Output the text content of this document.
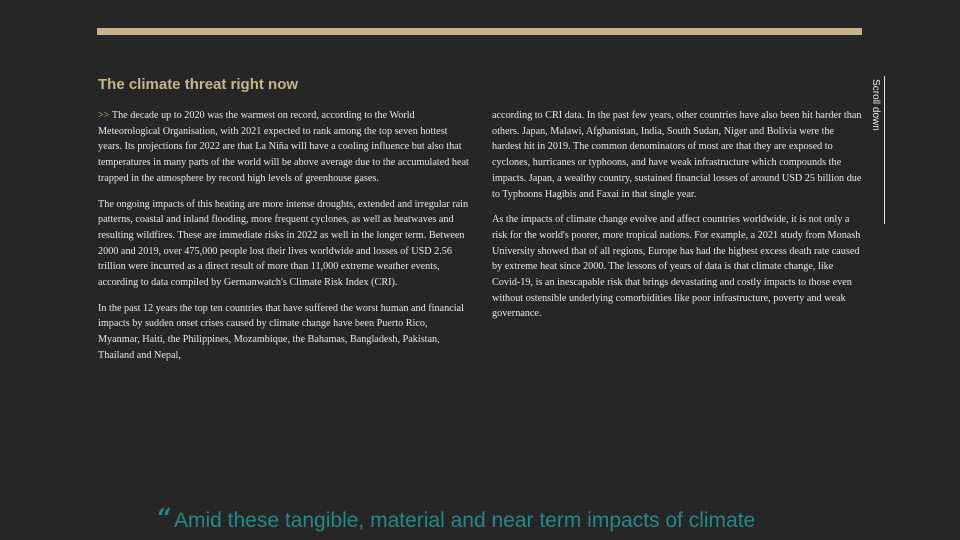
The climate threat right now

>> The decade up to 2020 was the warmest on record, according to the World Meteorological Organisation, with 2021 expected to rank among the top seven hottest years. Its projections for 2022 are that La Niña will have a cooling influence but also that temperatures in many parts of the world will be above average due to the accumulated heat trapped in the atmosphere by record high levels of greenhouse gases.

The ongoing impacts of this heating are more intense droughts, extended and irregular rain patterns, coastal and inland flooding, more frequent cyclones, as well as heatwaves and resulting wildfires. These are immediate risks in 2022 as well in the longer term. Between 2000 and 2019, over 475,000 people lost their lives worldwide and losses of USD 2.56 trillion were incurred as a direct result of more than 11,000 extreme weather events, according to data compiled by Germanwatch's Climate Risk Index (CRI).

In the past 12 years the top ten countries that have suffered the worst human and financial impacts by sudden onset crises caused by climate change have been Puerto Rico, Myanmar, Haiti, the Philippines, Mozambique, the Bahamas, Bangladesh, Pakistan, Thailand and Nepal,

according to CRI data. In the past few years, other countries have also been hit harder than others. Japan, Malawi, Afghanistan, India, South Sudan, Niger and Bolivia were the hardest hit in 2019. The common denominators of most are that they are exposed to cyclones, hurricanes or typhoons, and have weak infrastructure which compounds the impacts. Japan, a wealthy country, sustained financial losses of around USD 25 billion due to Typhoons Hagibis and Faxai in that single year.

As the impacts of climate change evolve and affect countries worldwide, it is not only a risk for the world's poorer, more tropical nations. For example, a 2021 study from Monash University showed that of all regions, Europe has had the highest excess death rate caused by extreme heat since 2000. The lessons of years of data is that climate change, like Covid-19, is an inescapable risk that brings devastating and costly impacts to those even without ostensible underlying comorbidities like poor infrastructure, poverty and weak governance.

Scroll down

“Amid these tangible, material and near term impacts of climate
